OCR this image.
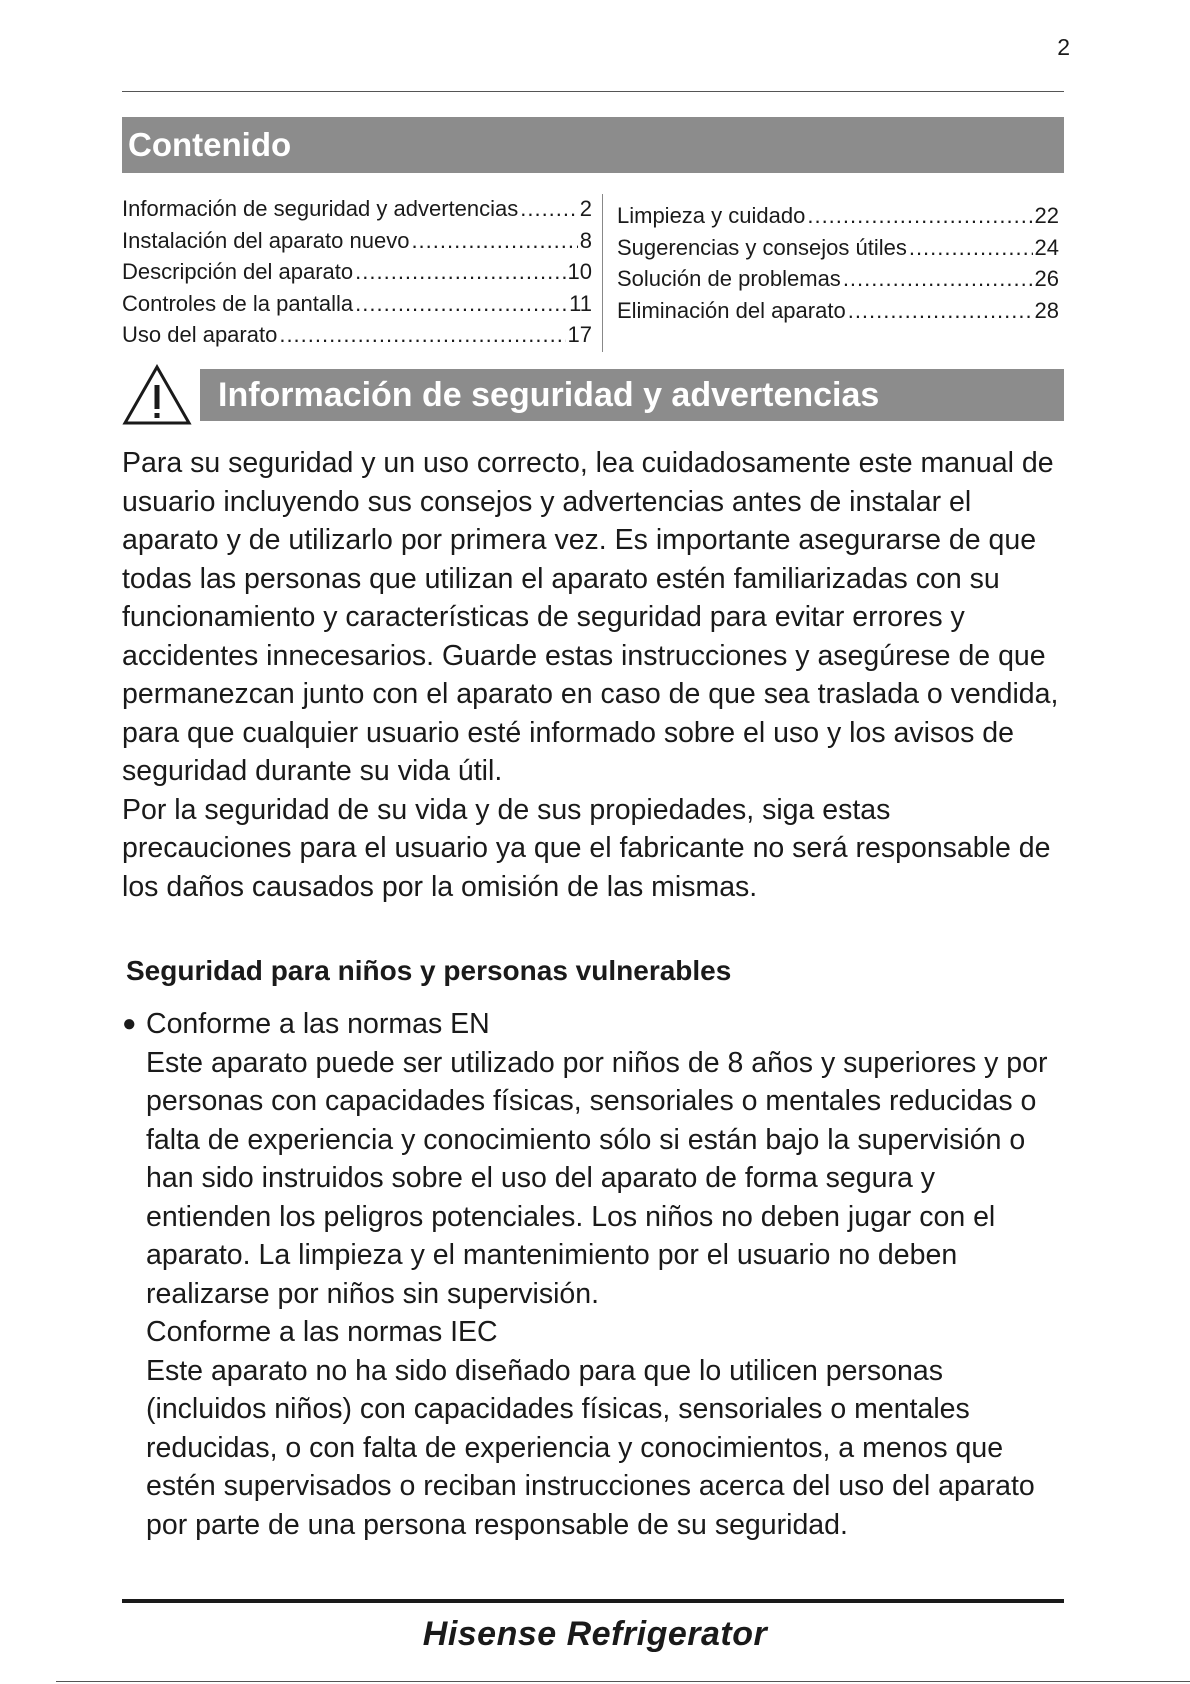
2
Contenido
Información de seguridad y advertencias .....	2
Instalación del aparato nuevo .....	8
Descripción del aparato .....	10
Controles de la pantalla .....	11
Uso del aparato .....	17
Limpieza y cuidado .....	22
Sugerencias y consejos útiles .....	24
Solución de problemas .....	26
Eliminación del aparato .....	28
Información de seguridad y advertencias

Para su seguridad y un uso correcto, lea cuidadosamente este manual de usuario incluyendo sus consejos y advertencias antes de instalar el aparato y de utilizarlo por primera vez. Es importante asegurarse de que todas las personas que utilizan el aparato estén familiarizadas con su funcionamiento y características de seguridad para evitar errores y accidentes innecesarios. Guarde estas instrucciones y asegúrese de que permanezcan junto con el aparato en caso de que sea traslada o vendida, para que cualquier usuario esté informado sobre el uso y los avisos de seguridad durante su vida útil.

Por la seguridad de su vida y de sus propiedades, siga estas precauciones para el usuario ya que el fabricante no será responsable de los daños causados por la omisión de las mismas.

Seguridad para niños y personas vulnerables
● Conforme a las normas EN

Este aparato puede ser utilizado por niños de 8 años y superiores y por personas con capacidades físicas, sensoriales o mentales reducidas o falta de experiencia y conocimiento sólo si están bajo la supervisión o han sido instruidos sobre el uso del aparato de forma segura y entienden los peligros potenciales. Los niños no deben jugar con el aparato. La limpieza y el mantenimiento por el usuario no deben realizarse por niños sin supervisión.

Conforme a las normas IEC

Este aparato no ha sido diseñado para que lo utilicen personas (incluidos niños) con capacidades físicas, sensoriales o mentales reducidas, o con falta de experiencia y conocimientos, a menos que estén supervisados o reciban instrucciones acerca del uso del aparato por parte de una persona responsable de su seguridad.

Hisense Refrigerator
